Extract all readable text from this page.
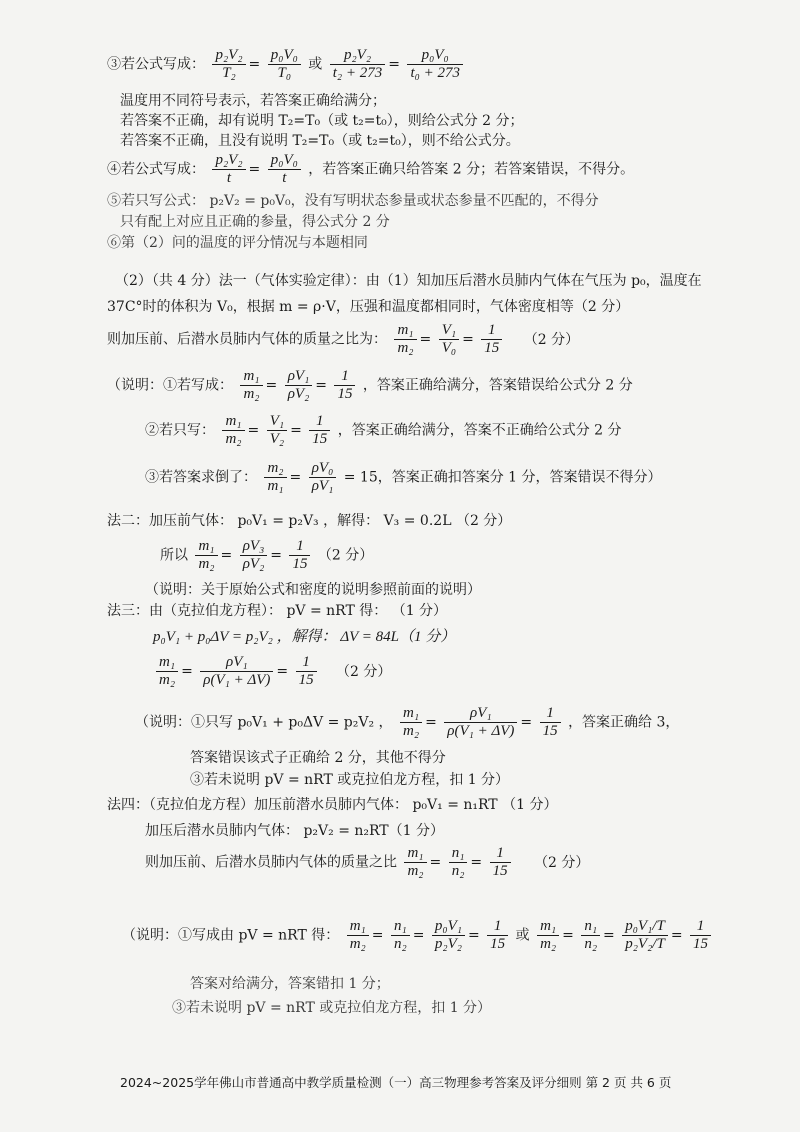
③若公式写成： $\frac{\text{p₂V₂}}{\text{T₂}} = \frac{\text{p₀V₀}}{\text{T₀}}$ 或 $\frac{\text{p₂V₂}}{\text{t₂ + 273}} = \frac{\text{p₀V₀}}{\text{t₀ + 273}}$
温度用不同符号表示，若答案正确给满分；
若答案不正确，却有说明 T₂=T₀（或 t₂=t₀），则给公式分 2 分；
若答案不正确，且没有说明 T₂=T₀（或 t₂=t₀），则不给公式分。
④若公式写成： $\frac{\text{p₂V₂}}{t} = \frac{\text{p₀V₀}}{t}$ ，若答案正确只给答案 2 分；若答案错误，不得分。
⑤若只写公式： p₂V₂ = p₀V₀，没有写明状态参量或状态参量不匹配的，不得分
只有配上对应且正确的参量，得公式分 2 分
⑥第（2）问的温度的评分情况与本题相同
（2）（共 4 分）法一（气体实验定律）：由（1）知加压后潜水员肺内气体在气压为 p₀，温度在
37C°时的体积为 V₀，根据 m = ρ·V，压强和温度都相同时，气体密度相等（2 分）
则加压前、后潜水员肺内气体的质量之比为： $\frac{\text{m₁}}{\text{m₂}} = \frac{\text{V₁}}{\text{V₀}} = \frac{1}{15} (2$ 分）
（说明：①若写成： $\frac{\text{m₁}}{\text{m₂}} = \frac{\text{ρV₁}}{\text{ρV₂}} = \frac{1}{15}$ ，答案正确给满分，答案错误给公式分 2 分
②若只写： $\frac{\text{m₁}}{\text{m₂}} = \frac{\text{V₁}}{\text{V₂}} = \frac{1}{15}$ ，答案正确给满分，答案不正确给公式分 2 分
③若答案求倒了： $\frac{\text{m₂}}{\text{m₁}} = \frac{\text{ρV₀}}{\text{ρV₁}} = 15$，答案正确扣答案分 1 分，答案错误不得分）
法二：加压前气体： p₀V₁ = p₂V₃ ，解得： V₃ = 0.2L （2 分）
所以 $\frac{\text{m₁}}{\text{m₂}} = \frac{\text{ρV₃}}{\text{ρV₂}} = \frac{1}{15} (2$ 分）
（说明：关于原始公式和密度的说明参照前面的说明）
法三：由（克拉伯龙方程）： pV = nRT 得： （1 分）
p₀V₁ + p₀ΔV = p₂V₂ ，解得： ΔV = 84L（1 分）
$\frac{\text{m₁}}{\text{m₂}} = \frac{\text{ρV₁}}{\text{ρ(V₁ + ΔV)}} = \frac{1}{15} (2$ 分）
（说明：①只写 p₀V₁ + p₀ΔV = p₂V₂ ， $\frac{\text{m₁}}{\text{m₂}} = \frac{\text{ρV₁}}{\text{ρ(V₁ + ΔV)}} = \frac{1}{15}$ ，答案正确给 3，
答案错误该式子正确给 2 分，其他不得分
③若未说明 pV = nRT 或克拉伯龙方程，扣 1 分）
法四：（克拉伯龙方程）加压前潜水员肺内气体： p₀V₁ = n₁RT （1 分）
加压后潜水员肺内气体： p₂V₂ = n₂RT（1 分）
则加压前、后潜水员肺内气体的质量之比 $\frac{\text{m₁}}{\text{m₂}} = \frac{\text{n₁}}{\text{n₂}} = \frac{1}{15} (2$ 分）
（说明：①写成由 pV = nRT 得： $\frac{\text{m₁}}{\text{m₂}} = \frac{\text{n₁}}{\text{n₂}} = \frac{\text{p₀V₁}}{\text{p₂V₂}} = \frac{1}{15}$ 或 $\frac{\text{m₁}}{\text{m₂}} = \frac{\text{n₁}}{\text{n₂}} = \frac{\text{p₀V₁/T}}{\text{p₂V₂/T}} = \frac{1}{15}$
答案对给满分，答案错扣 1 分；
③若未说明 pV = nRT 或克拉伯龙方程，扣 1 分）
2024~2025学年佛山市普通高中教学质量检测（一）高三物理参考答案及评分细则 第 2 页 共 6 页
